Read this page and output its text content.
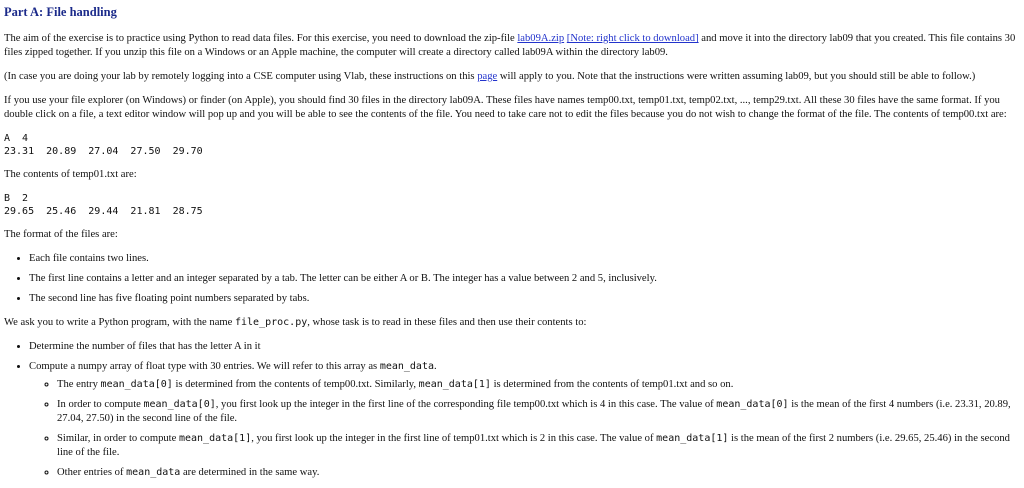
Part A: File handling

The aim of the exercise is to practice using Python to read data files. For this exercise, you need to download the zip-file lab09A.zip [Note: right click to download] and move it into the directory lab09 that you created. This file contains 30 files zipped together. If you unzip this file on a Windows or an Apple machine, the computer will create a directory called lab09A within the directory lab09.

(In case you are doing your lab by remotely logging into a CSE computer using Vlab, these instructions on this page will apply to you. Note that the instructions were written assuming lab09, but you should still be able to follow.)

If you use your file explorer (on Windows) or finder (on Apple), you should find 30 files in the directory lab09A. These files have names temp00.txt, temp01.txt, temp02.txt, ..., temp29.txt. All these 30 files have the same format. If you double click on a file, a text editor window will pop up and you will be able to see the contents of the file. You need to take care not to edit the files because you do not wish to change the format of the file. The contents of temp00.txt are:

A  4
23.31  20.89  27.04  27.50  29.70

The contents of temp01.txt are:

B  2
29.65  25.46  29.44  21.81  28.75

The format of the files are:

• Each file contains two lines.
• The first line contains a letter and an integer separated by a tab. The letter can be either A or B. The integer has a value between 2 and 5, inclusively.
• The second line has five floating point numbers separated by tabs.

We ask you to write a Python program, with the name file_proc.py, whose task is to read in these files and then use their contents to:

• Determine the number of files that has the letter A in it
• Compute a numpy array of float type with 30 entries. We will refer to this array as mean_data.
◦ The entry mean_data[0] is determined from the contents of temp00.txt. Similarly, mean_data[1] is determined from the contents of temp01.txt and so on.
◦ In order to compute mean_data[0], you first look up the integer in the first line of the corresponding file temp00.txt which is 4 in this case. The value of mean_data[0] is the mean of the first 4 numbers (i.e. 23.31, 20.89, 27.04, 27.50) in the second line of the file.
◦ Similar, in order to compute mean_data[1], you first look up the integer in the first line of temp01.txt which is 2 in this case. The value of mean_data[1] is the mean of the first 2 numbers (i.e. 29.65, 25.46) in the second line of the file.
◦ Other entries of mean_data are determined in the same way.
